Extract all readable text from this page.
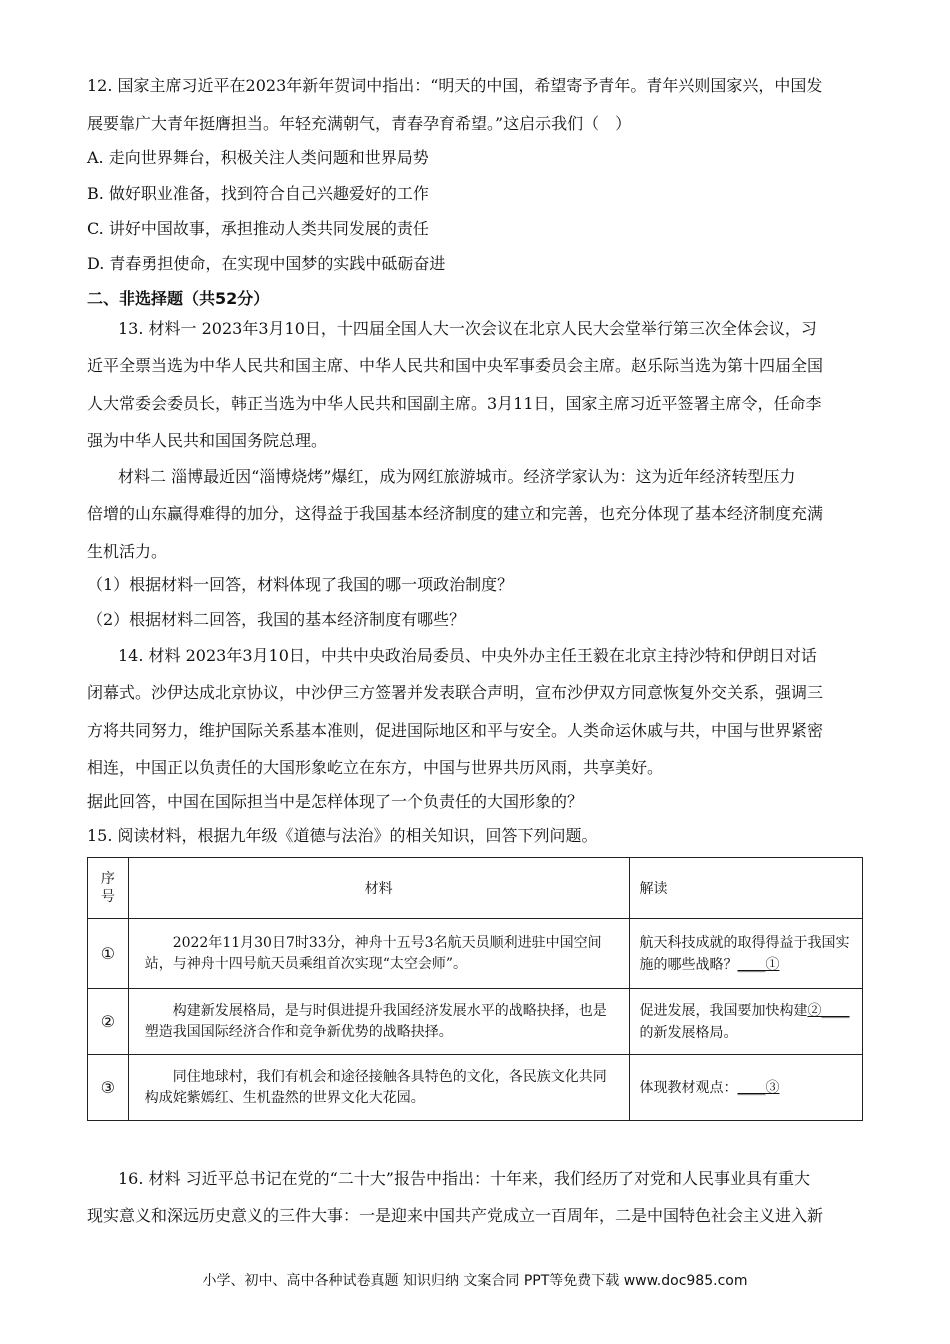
12. 国家主席习近平在2023年新年贺词中指出：“明天的中国，希望寄予青年。青年兴则国家兴，中国发
展要靠广大青年挺膺担当。年轻充满朝气，青春孕育希望。”这启示我们（　）
A. 走向世界舞台，积极关注人类问题和世界局势
B. 做好职业准备，找到符合自己兴趣爱好的工作
C. 讲好中国故事，承担推动人类共同发展的责任
D. 青春勇担使命，在实现中国梦的实践中砥砺奋进
二、非选择题（共52分）
13. 材料一 2023年3月10日，十四届全国人大一次会议在北京人民大会堂举行第三次全体会议，习
近平全票当选为中华人民共和国主席、中华人民共和国中央军事委员会主席。赵乐际当选为第十四届全国
人大常委会委员长，韩正当选为中华人民共和国副主席。3月11日，国家主席习近平签署主席令，任命李
强为中华人民共和国国务院总理。
材料二 淄博最近因“淄博烧烤”爆红，成为网红旅游城市。经济学家认为：这为近年经济转型压力
倍增的山东赢得难得的加分，这得益于我国基本经济制度的建立和完善，也充分体现了基本经济制度充满
生机活力。
（1）根据材料一回答，材料体现了我国的哪一项政治制度？
（2）根据材料二回答，我国的基本经济制度有哪些？
14. 材料 2023年3月10日，中共中央政治局委员、中央外办主任王毅在北京主持沙特和伊朗日对话
闭幕式。沙伊达成北京协议，中沙伊三方签署并发表联合声明，宣布沙伊双方同意恢复外交关系，强调三
方将共同努力，维护国际关系基本准则，促进国际地区和平与安全。人类命运休戚与共，中国与世界紧密
相连，中国正以负责任的大国形象屹立在东方，中国与世界共历风雨，共享美好。
据此回答，中国在国际担当中是怎样体现了一个负责任的大国形象的？
15. 阅读材料，根据九年级《道德与法治》的相关知识，回答下列问题。
序
号	材料	解读
①	2022年11月30日7时33分，神舟十五号3名航天员顺利进驻中国空间站，与神舟十四号航天员乘组首次实现“太空会师”。	航天科技成就的取得得益于我国实施的哪些战略？____①
②	构建新发展格局，是与时俱进提升我国经济发展水平的战略抉择，也是塑造我国国际经济合作和竞争新优势的战略抉择。	促进发展，我国要加快构建②____的新发展格局。
③	同住地球村，我们有机会和途径接触各具特色的文化，各民族文化共同构成姹紫嫣红、生机盎然的世界文化大花园。	体现教材观点：____③
16. 材料 习近平总书记在党的“二十大”报告中指出：十年来，我们经历了对党和人民事业具有重大
现实意义和深远历史意义的三件大事：一是迎来中国共产党成立一百周年，二是中国特色社会主义进入新
小学、初中、高中各种试卷真题 知识归纳 文案合同 PPT等免费下载 www.doc985.com
